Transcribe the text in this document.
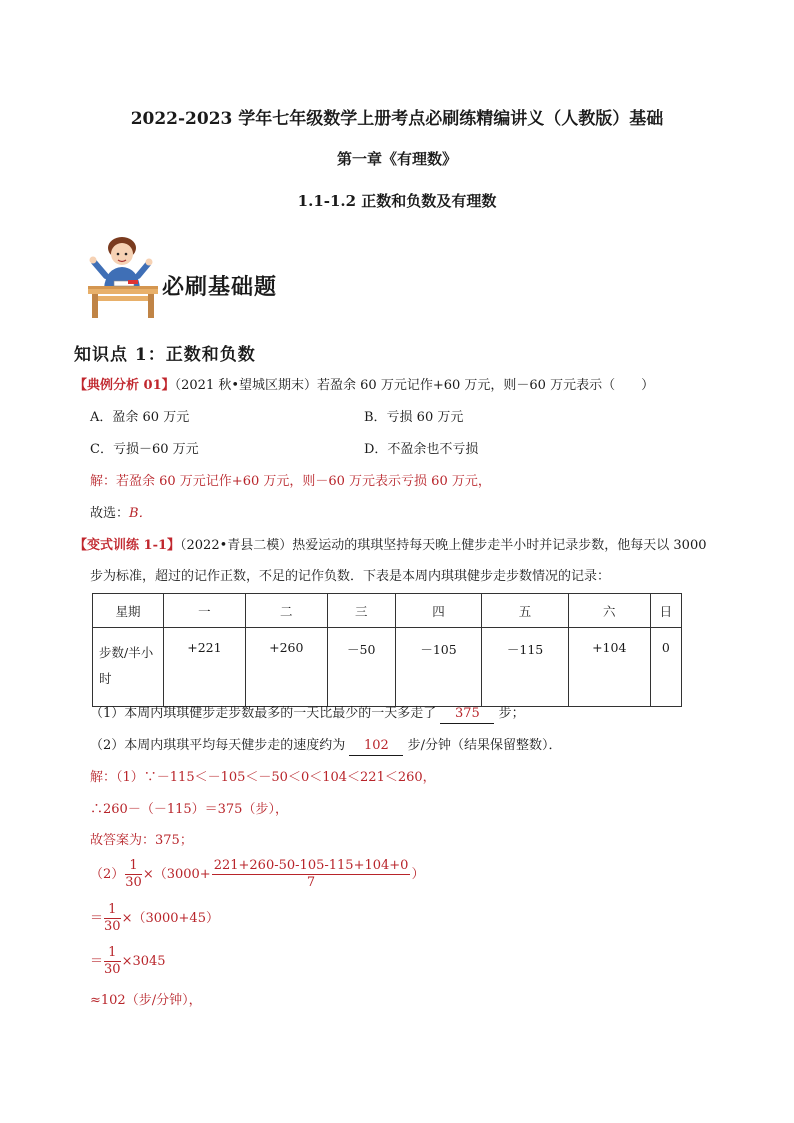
2022-2023 学年七年级数学上册考点必刷练精编讲义（人教版）基础
第一章《有理数》
1.1-1.2 正数和负数及有理数
必刷基础题
知识点 1：正数和负数
【典例分析 01】（2021 秋•望城区期末）若盈余 60 万元记作+60 万元，则－60 万元表示（　　）
A．盈余 60 万元	B．亏损 60 万元
C．亏损－60 万元	D．不盈余也不亏损
解：若盈余 60 万元记作+60 万元，则－60 万元表示亏损 60 万元，
故选：B．
【变式训练 1-1】（2022•青县二模）热爱运动的琪琪坚持每天晚上健步走半小时并记录步数，他每天以 3000
步为标准，超过的记作正数，不足的记作负数．下表是本周内琪琪健步走步数情况的记录：
星期	一	二	三	四	五	六	日
步数/半小
时	+221	+260	－50	－105	－115	+104	0
（1）本周内琪琪健步走步数最多的一天比最少的一天多走了 375 步；
（2）本周内琪琪平均每天健步走的速度约为 102 步/分钟（结果保留整数）．
解：（1）∵－115＜－105＜－50＜0＜104＜221＜260，
∴260－（－115）＝375（步），
故答案为：375；
$(2) \frac{1}{30} \times(3000+ \frac{221+260-50-105-115+104+0}{7}$ ）
＝ $\frac{1}{30} \times(3000+45)$
＝ $\frac{1}{30} \times 3045$
≈102（步/分钟），
